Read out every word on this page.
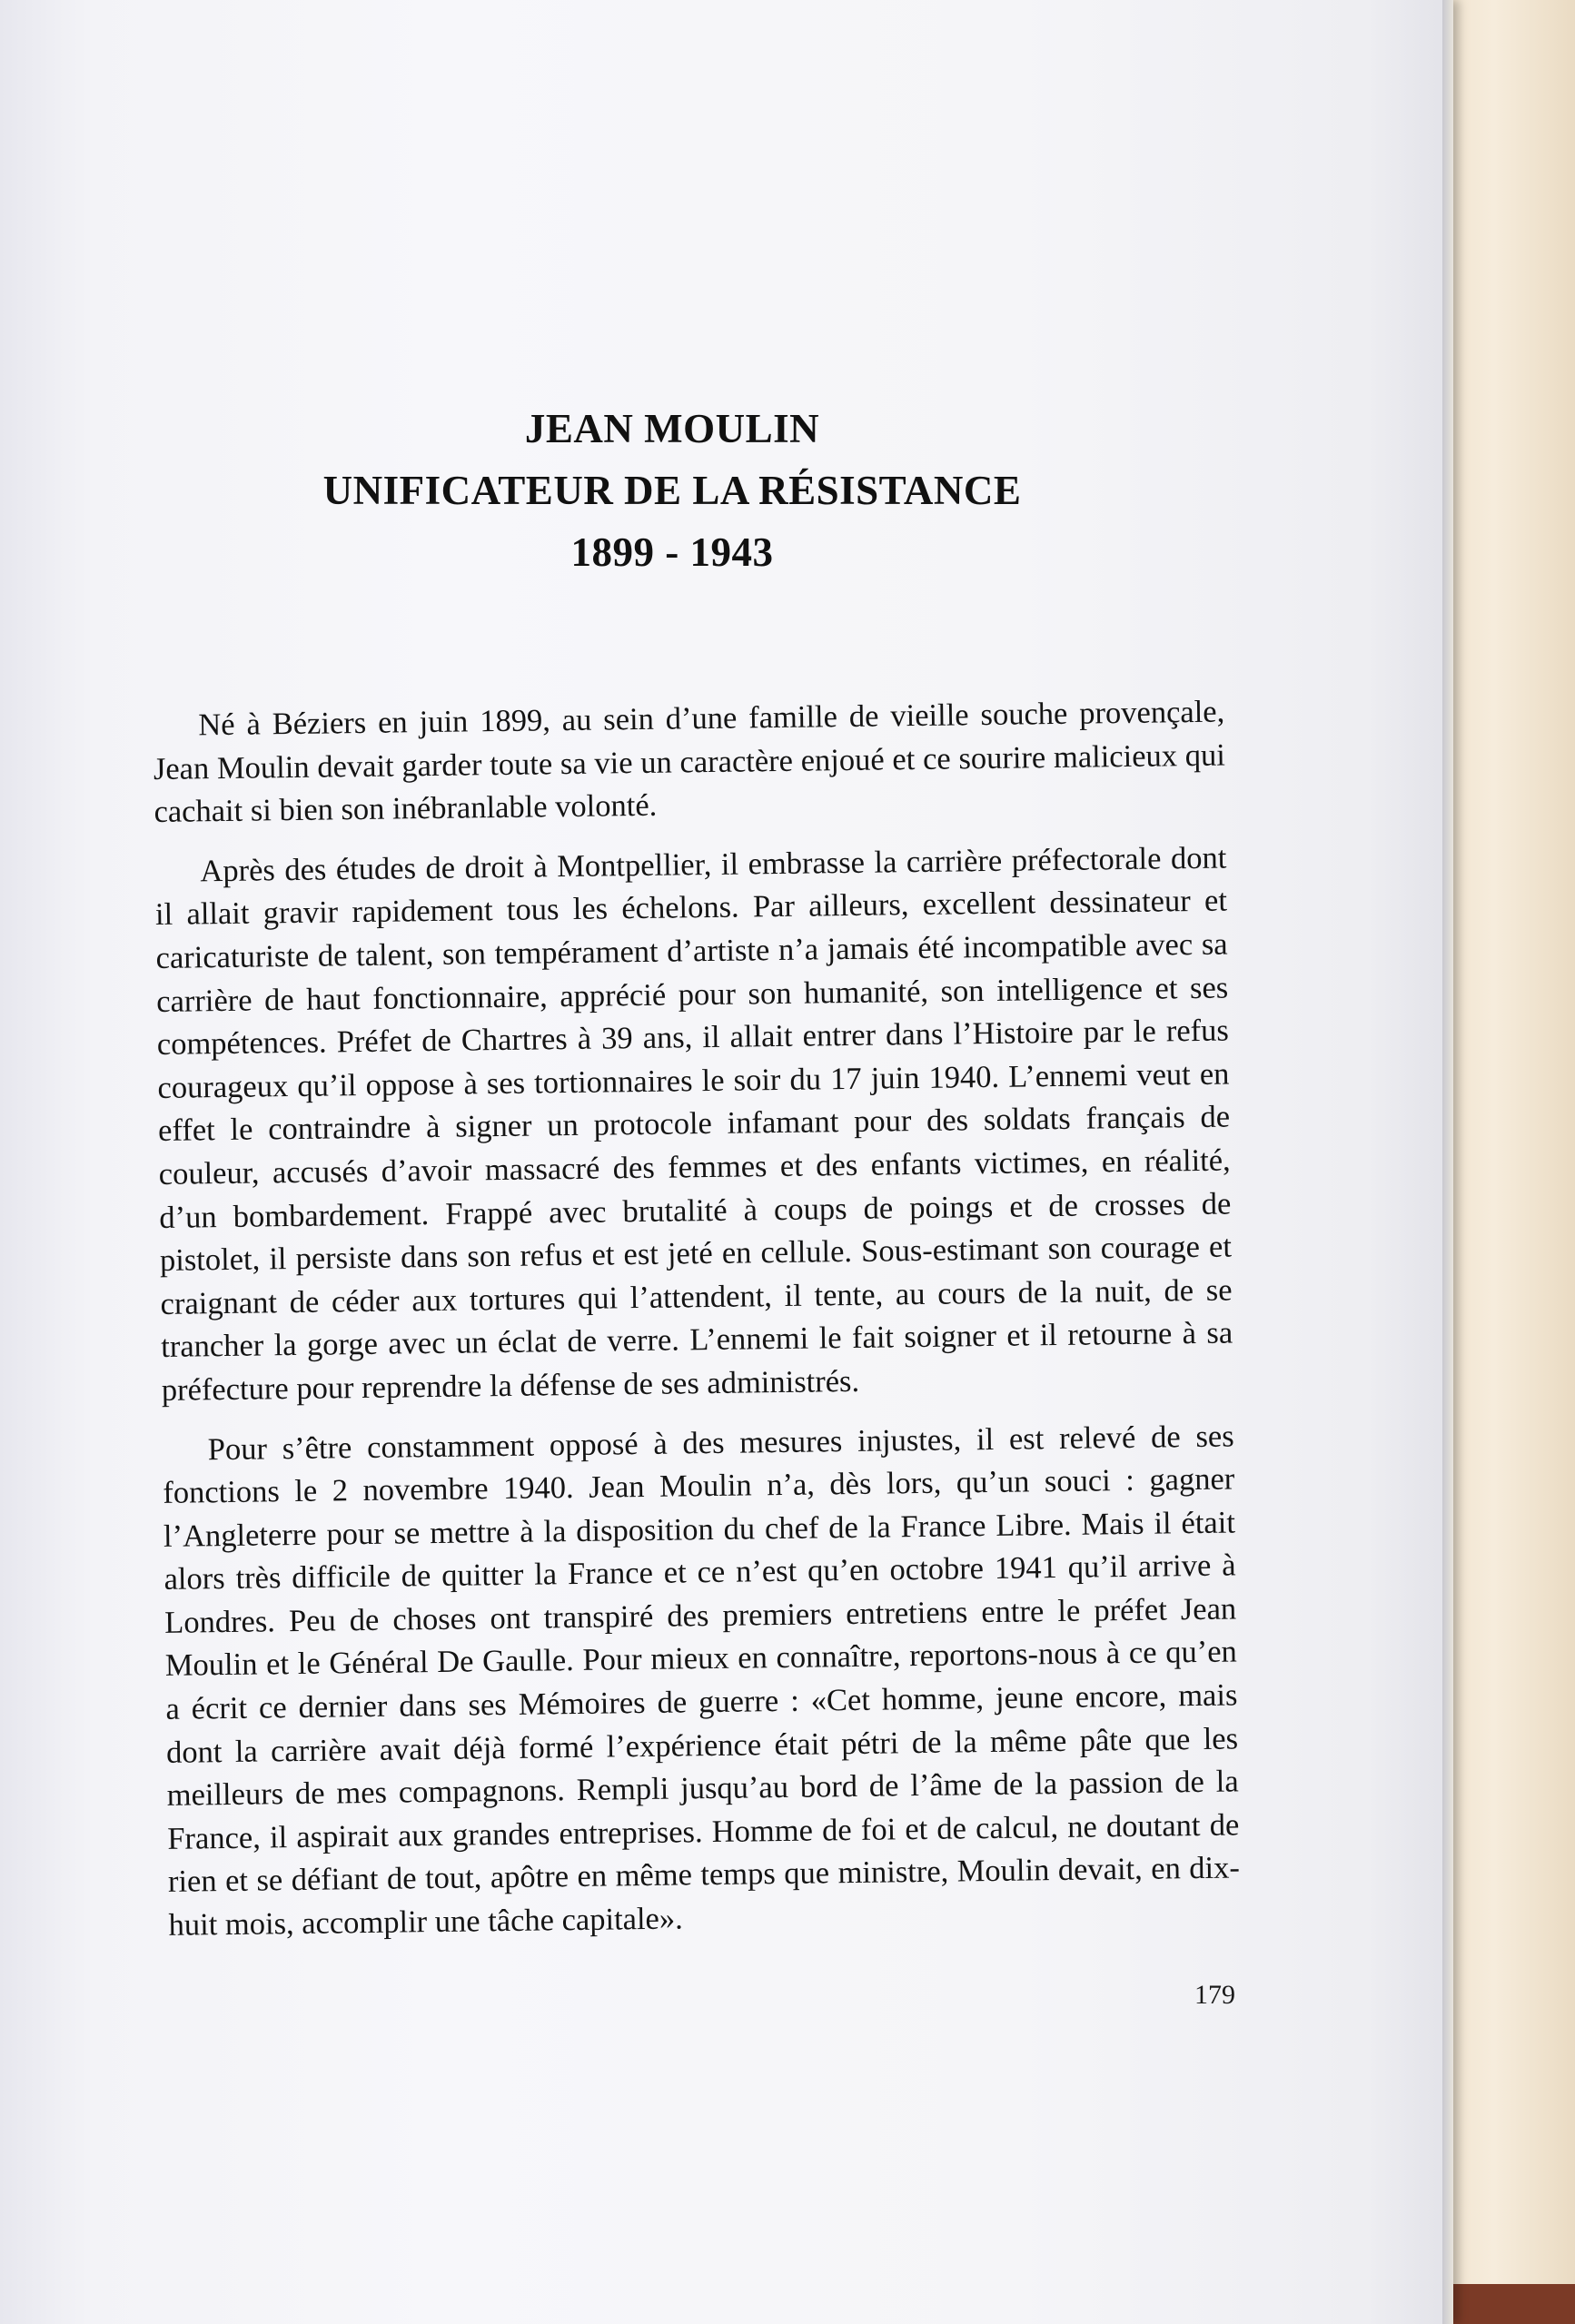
JEAN MOULIN
UNIFICATEUR DE LA RÉSISTANCE
1899 - 1943

Né à Béziers en juin 1899, au sein d’une famille de vieille souche provençale, Jean Moulin devait garder toute sa vie un caractère enjoué et ce sourire malicieux qui cachait si bien son inébranlable volonté.

Après des études de droit à Montpellier, il embrasse la carrière préfectorale dont il allait gravir rapidement tous les échelons. Par ailleurs, excellent dessinateur et caricaturiste de talent, son tempérament d’artiste n’a jamais été incompatible avec sa carrière de haut fonctionnaire, apprécié pour son humanité, son intelligence et ses compétences. Préfet de Chartres à 39 ans, il allait entrer dans l’Histoire par le refus courageux qu’il oppose à ses tortionnaires le soir du 17 juin 1940. L’ennemi veut en effet le contraindre à signer un protocole infamant pour des soldats français de couleur, accusés d’avoir massacré des femmes et des enfants victimes, en réalité, d’un bombardement. Frappé avec brutalité à coups de poings et de crosses de pistolet, il persiste dans son refus et est jeté en cellule. Sous-estimant son courage et craignant de céder aux tortures qui l’attendent, il tente, au cours de la nuit, de se trancher la gorge avec un éclat de verre. L’ennemi le fait soigner et il retourne à sa préfecture pour reprendre la défense de ses administrés.

Pour s’être constamment opposé à des mesures injustes, il est relevé de ses fonctions le 2 novembre 1940. Jean Moulin n’a, dès lors, qu’un souci : gagner l’Angleterre pour se mettre à la disposition du chef de la France Libre. Mais il était alors très difficile de quitter la France et ce n’est qu’en octobre 1941 qu’il arrive à Londres. Peu de choses ont transpiré des premiers entretiens entre le préfet Jean Moulin et le Général De Gaulle. Pour mieux en connaître, reportons-nous à ce qu’en a écrit ce dernier dans ses Mémoires de guerre : «Cet homme, jeune encore, mais dont la carrière avait déjà formé l’expérience était pétri de la même pâte que les meilleurs de mes compagnons. Rempli jusqu’au bord de l’âme de la passion de la France, il aspirait aux grandes entreprises. Homme de foi et de calcul, ne doutant de rien et se défiant de tout, apôtre en même temps que ministre, Moulin devait, en dix-huit mois, accomplir une tâche capitale».

179
